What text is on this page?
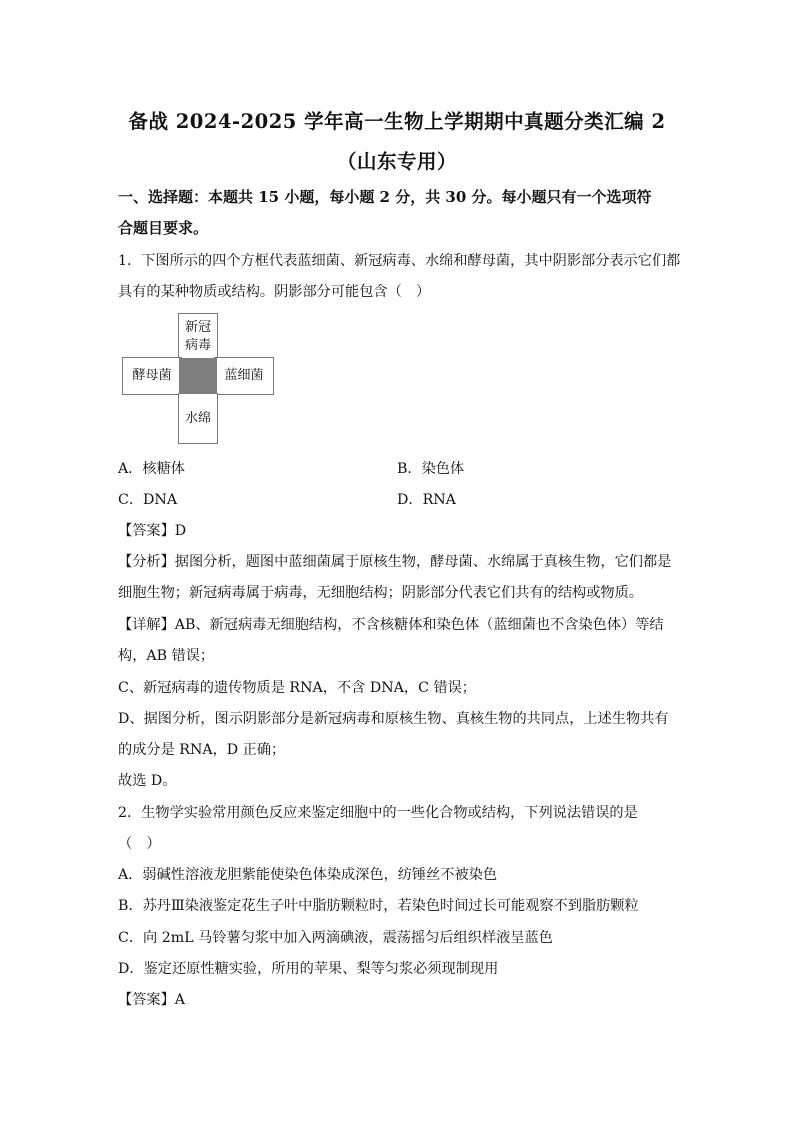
备战 2024-2025 学年高一生物上学期期中真题分类汇编 2
（山东专用）
一、选择题：本题共 15 小题，每小题 2 分，共 30 分。每小题只有一个选项符
合题目要求。
1．下图所示的四个方框代表蓝细菌、新冠病毒、水绵和酵母菌，其中阴影部分表示它们都
具有的某种物质或结构。阴影部分可能包含（　）
新冠
病毒
酵母菌	蓝细菌
水绵
A．核糖体	B．染色体
C．DNA	D．RNA
【答案】D
【分析】据图分析，题图中蓝细菌属于原核生物，酵母菌、水绵属于真核生物，它们都是
细胞生物；新冠病毒属于病毒，无细胞结构；阴影部分代表它们共有的结构或物质。
【详解】AB、新冠病毒无细胞结构，不含核糖体和染色体（蓝细菌也不含染色体）等结
构，AB 错误；
C、新冠病毒的遗传物质是 RNA，不含 DNA，C 错误；
D、据图分析，图示阴影部分是新冠病毒和原核生物、真核生物的共同点，上述生物共有
的成分是 RNA，D 正确；
故选 D。
2．生物学实验常用颜色反应来鉴定细胞中的一些化合物或结构，下列说法错误的是
（　）
A．弱碱性溶液龙胆紫能使染色体染成深色，纺锤丝不被染色
B．苏丹Ⅲ染液鉴定花生子叶中脂肪颗粒时，若染色时间过长可能观察不到脂肪颗粒
C．向 2mL 马铃薯匀浆中加入两滴碘液，震荡摇匀后组织样液呈蓝色
D．鉴定还原性糖实验，所用的苹果、梨等匀浆必须现制现用
【答案】A
